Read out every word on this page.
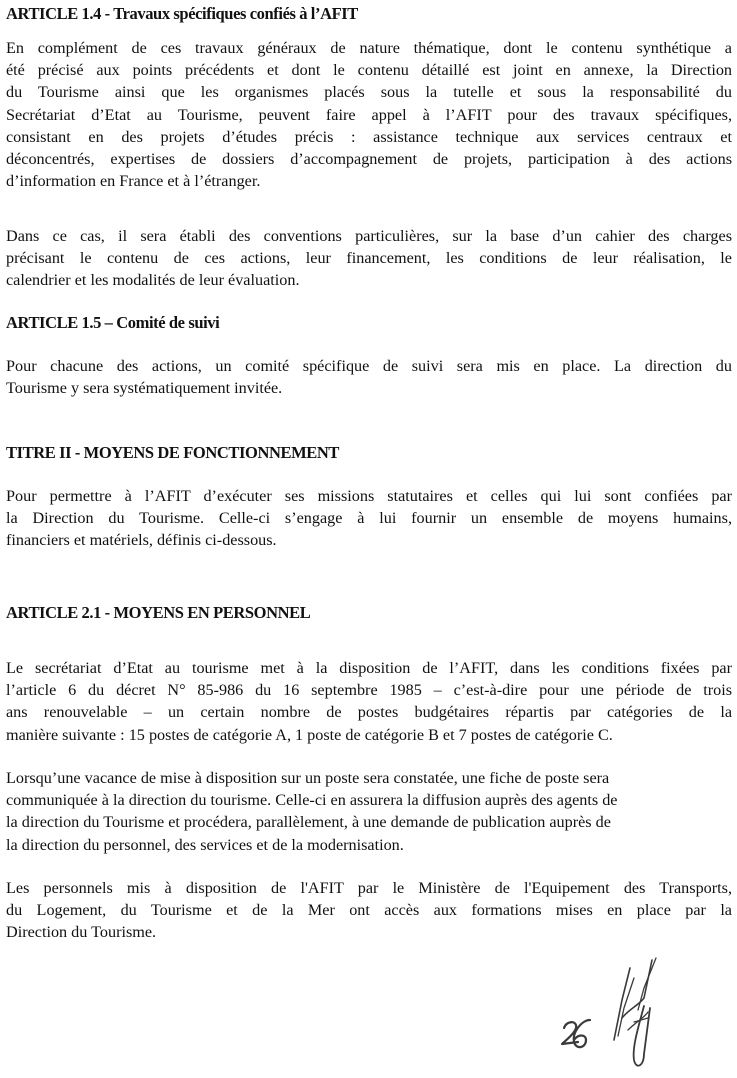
ARTICLE 1.4 - Travaux spécifiques confiés à l’AFIT
En complément de ces travaux généraux de nature thématique, dont le contenu synthétique a
été précisé aux points précédents et dont le contenu détaillé est joint en annexe, la Direction
du Tourisme ainsi que les organismes placés sous la tutelle et sous la responsabilité du
Secrétariat d’Etat au Tourisme, peuvent faire appel à l’AFIT pour des travaux spécifiques,
consistant en des projets d’études précis : assistance technique aux services centraux et
déconcentrés, expertises de dossiers d’accompagnement de projets, participation à des actions
d’information en France et à l’étranger.
Dans ce cas, il sera établi des conventions particulières, sur la base d’un cahier des charges
précisant le contenu de ces actions, leur financement, les conditions de leur réalisation, le
calendrier et les modalités de leur évaluation.
ARTICLE 1.5 – Comité de suivi
Pour chacune des actions, un comité spécifique de suivi sera mis en place. La direction du
Tourisme y sera systématiquement invitée.
TITRE II - MOYENS DE FONCTIONNEMENT
Pour permettre à l’AFIT d’exécuter ses missions statutaires et celles qui lui sont confiées par
la Direction du Tourisme. Celle-ci s’engage à lui fournir un ensemble de moyens humains,
financiers et matériels, définis ci-dessous.
ARTICLE 2.1 - MOYENS EN PERSONNEL
Le secrétariat d’Etat au tourisme met à la disposition de l’AFIT, dans les conditions fixées par
l’article 6 du décret N° 85-986 du 16 septembre 1985 – c’est-à-dire pour une période de trois
ans renouvelable – un certain nombre de postes budgétaires répartis par catégories de la
manière suivante : 15 postes de catégorie A, 1 poste de catégorie B et 7 postes de catégorie C.
Lorsqu’une vacance de mise à disposition sur un poste sera constatée, une fiche de poste sera
communiquée à la direction du tourisme. Celle-ci en assurera la diffusion auprès des agents de
la direction du Tourisme et procédera, parallèlement, à une demande de publication auprès de
la direction du personnel, des services et de la modernisation.
Les personnels mis à disposition de l'AFIT par le Ministère de l'Equipement des Transports,
du Logement, du Tourisme et de la Mer ont accès aux formations mises en place par la
Direction du Tourisme.
